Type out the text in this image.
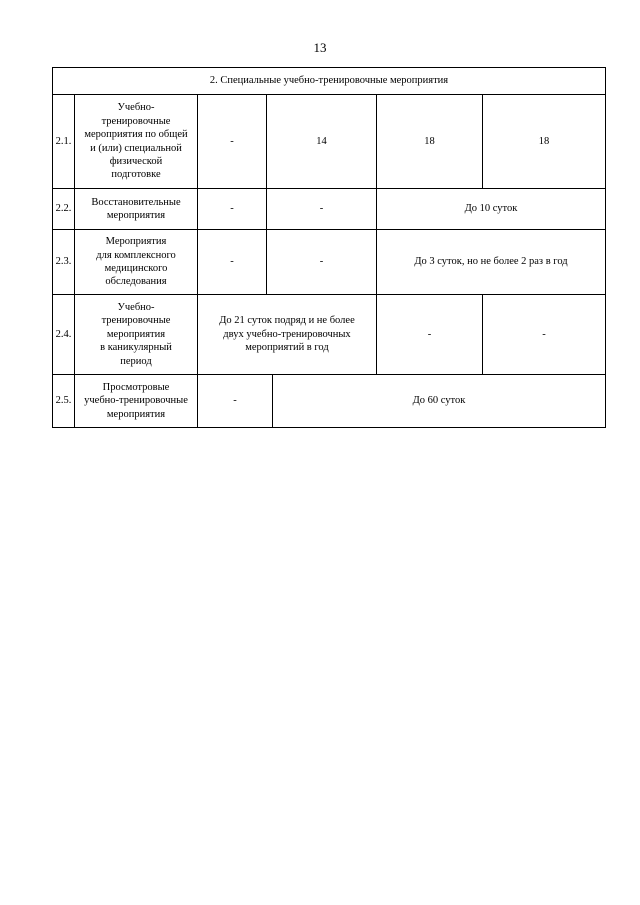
13
2. Специальные учебно-тренировочные мероприятия
2.1.
Учебно-
тренировочные
мероприятия по общей
и (или) специальной
физической
подготовке
-	14	18	18
2.2.
Восстановительные
мероприятия
-	-	До 10 суток
2.3.
Мероприятия
для комплексного
медицинского
обследования
-	-	До 3 суток, но не более 2 раз в год
2.4.
Учебно-
тренировочные
мероприятия
в каникулярный
период
До 21 суток подряд и не более
двух учебно-тренировочных
мероприятий в год
-	-
2.5.
Просмотровые
учебно-тренировочные
мероприятия
-	До 60 суток
